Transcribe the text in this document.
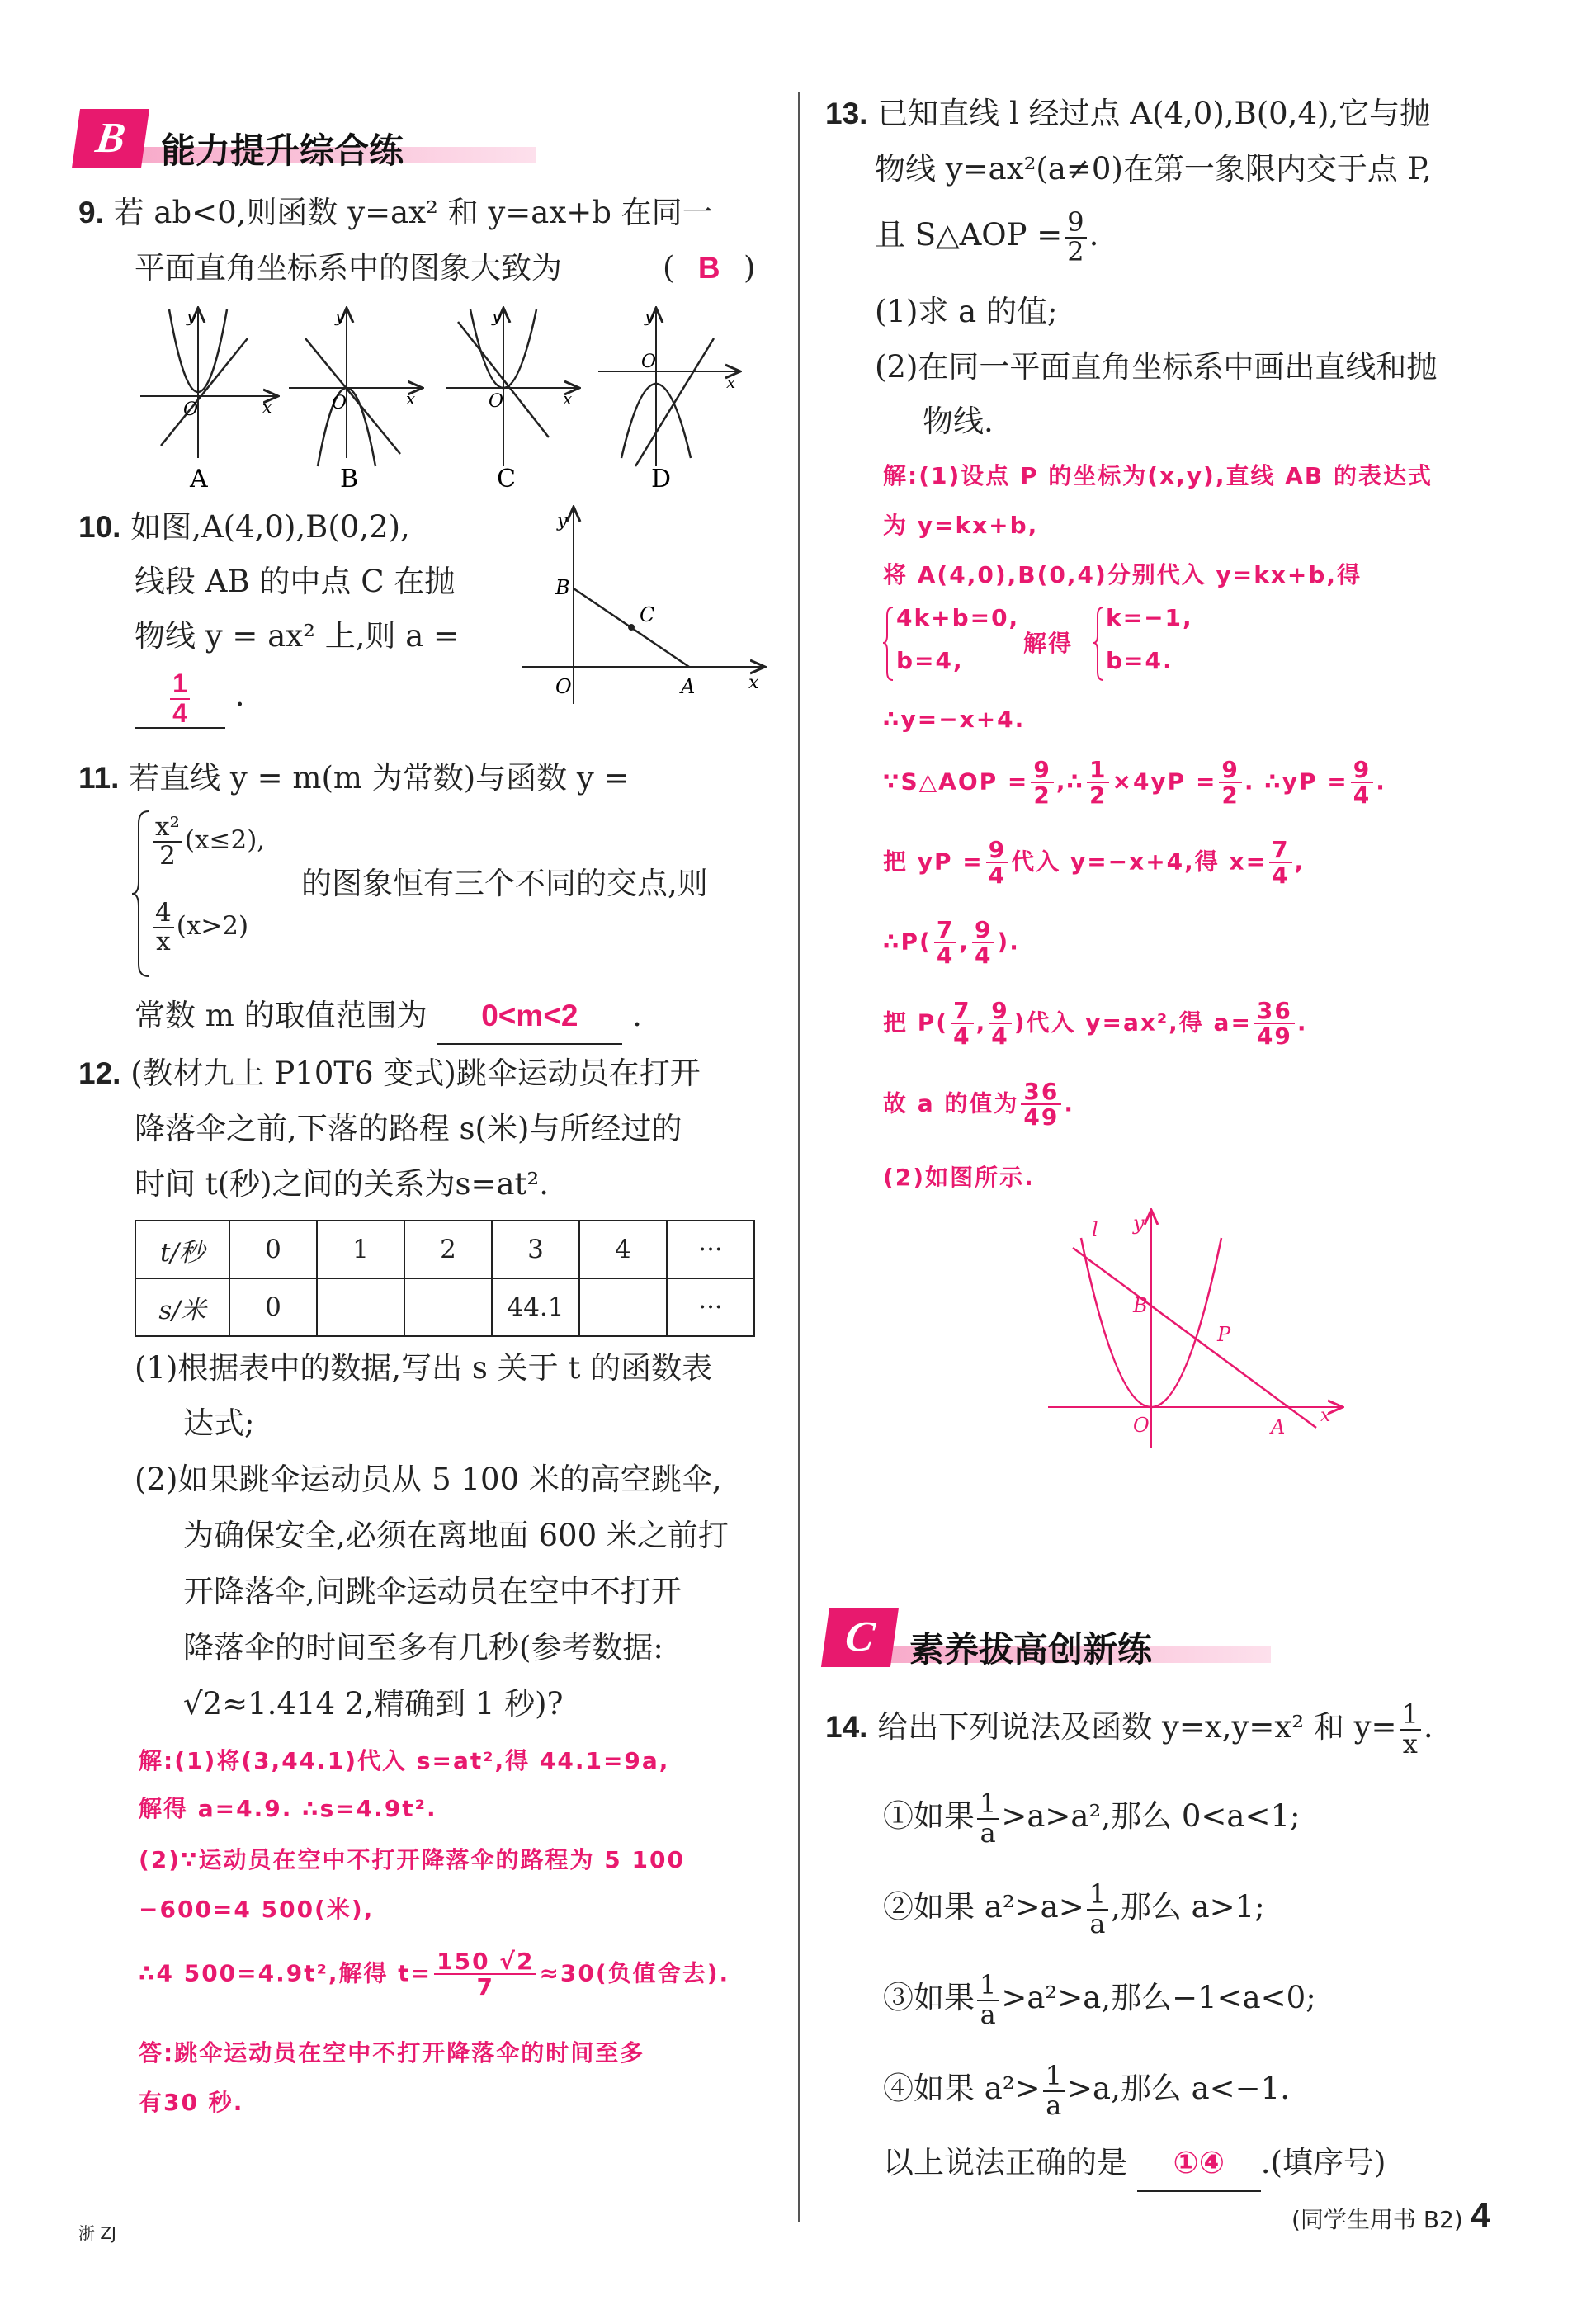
B 能力提升综合练
9. 若 ab<0,则函数 y=ax² 和 y=ax+b 在同一
平面直角坐标系中的图象大致为	( B )
x
y
O
A
x
y
O
B
x
y
O
C
x
y
O
D
10. 如图,A(4,0),B(0,2),
线段 AB 的中点 C 在抛
物线 y = ax² 上,则 a =
$\frac{1}{4}$ .
B
C
A
O	x
y
11. 若直线 y = m(m 为常数)与函数 y =
$\frac{\text{x²}}{2} (x\le 2)$,
$\frac{4}{x} (x>2)$
的图象恒有三个不同的交点,则
常数 m 的取值范围为 0<m<2 .
12. (教材九上 P10T6 变式)跳伞运动员在打开
降落伞之前,下落的路程 s(米)与所经过的
时间 t(秒)之间的关系为s=at².
t/秒	0	1	2	3	4	···
s/米	0			44.1		···
(1)根据表中的数据,写出 s 关于 t 的函数表
达式;
(2)如果跳伞运动员从 5 100 米的高空跳伞,
为确保安全,必须在离地面 600 米之前打
开降落伞,问跳伞运动员在空中不打开
降落伞的时间至多有几秒(参考数据:
√2≈1.414 2,精确到 1 秒)?
解:(1)将(3,44.1)代入 s=at²,得 44.1=9a,
解得 a=4.9. ∴s=4.9t².
(2)∵运动员在空中不打开降落伞的路程为 5 100
−600=4 500(米),
∴4 500=4.9t²,解得 $t= \frac{150 √2}{7} \approx 30$(负值舍去).
答:跳伞运动员在空中不打开降落伞的时间至多
有30 秒.
13. 已知直线 l 经过点 A(4,0),B(0,4),它与抛
物线 y=ax²(a≠0)在第一象限内交于点 P,
且 S△AOP = $\frac{9}{2}$ .
(1)求 a 的值;
(2)在同一平面直角坐标系中画出直线和抛
物线.
解:(1)设点 P 的坐标为(x,y),直线 AB 的表达式
为 y=kx+b,
将 A(4,0),B(0,4)分别代入 y=kx+b,得
4k+b=0,
b=4,
解得
k=−1,
b=4.
∴y=−x+4.
∵S△AOP = $\frac{9}{2}$ ,∴ $\frac{1}{2} \times 4yP = \frac{9}{2}$ . ∴yP = $\frac{9}{4}$ .
把 yP = $\frac{9}{4}$ 代入 y=−x+4,得 $x= \frac{7}{4}$ ,
∴P( $\frac{7}{4}$ , $\frac{9}{4}$ ).
把 $P( \frac{7}{4}$ , $\frac{9}{4}$ )代入 y=ax²,得 $a= \frac{36}{49}$ .
故 a 的值为 $\frac{36}{49}$ .
(2)如图所示.
l y
B
P
O	A x
C 素养拔高创新练
14. 给出下列说法及函数 y=x,y=x² 和 $y= \frac{1}{x}$ .
①如果 $\frac{1}{a} >a>a^2$,那么 0<a<1;
②如果 $a^2>a> \frac{1}{a}$ ,那么 a>1;
③如果 $\frac{1}{a} >a^2>a$,那么−1<a<0;
④如果 $a^2> \frac{1}{a} >a$,那么 a<−1.
以上说法正确的是 ①④ .(填序号)
浙 ZJ	(同学生用书 B2) 4
